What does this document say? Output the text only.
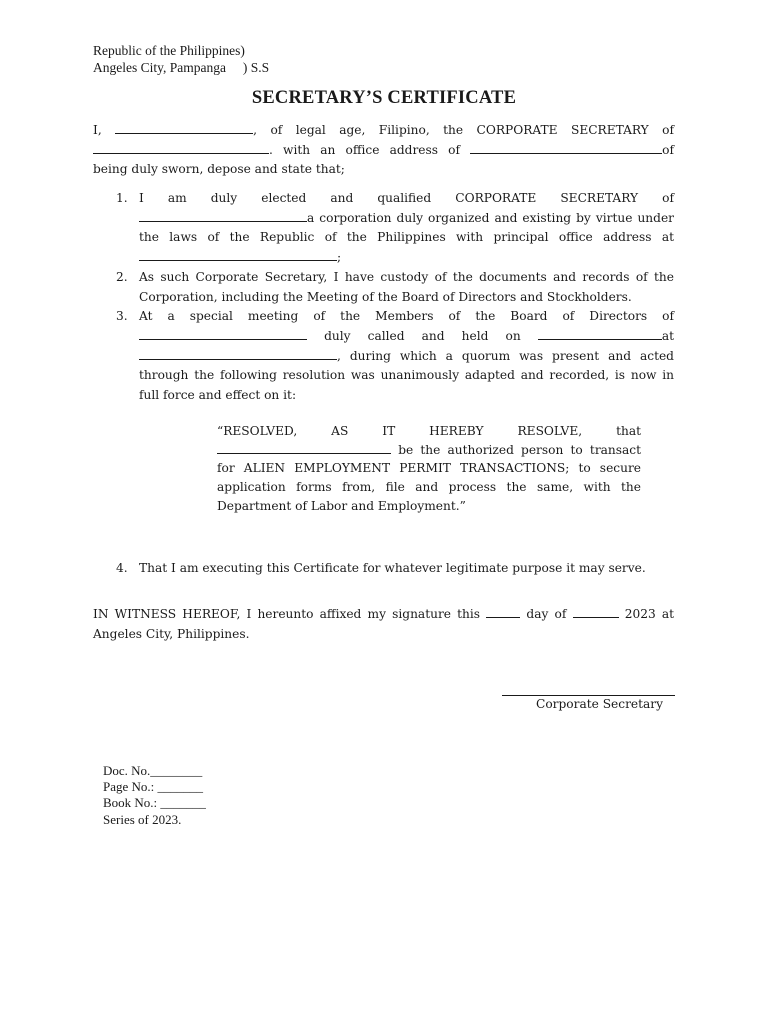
Republic of the Philippines)
Angeles City, Pampanga     ) S.S
SECRETARY’S CERTIFICATE
I,	, of legal age, Filipino, the CORPORATE SECRETARY of. with an office address of	of being duly sworn, depose and state that;
1. I am duly elected and qualified CORPORATE SECRETARY of a corporation duly organized and existing by virtue under the laws of the Republic of the Philippines with principal office address at ;
2. As such Corporate Secretary, I have custody of the documents and records of the Corporation, including the Meeting of the Board of Directors and Stockholders.
3. At a special meeting of the Members of the Board of Directors of  duly called and held on	at , during which a quorum was present and acted through the following resolution was unanimously adapted and recorded, is now in full force and effect on it:
“RESOLVED, AS IT HEREBY RESOLVE, that  be the authorized person to transact for ALIEN EMPLOYMENT PERMIT TRANSACTIONS; to secure application forms from, file and process the same, with the Department of Labor and Employment.”
4. That I am executing this Certificate for whatever legitimate purpose it may serve.
IN WITNESS HEREOF, I hereunto affixed my signature this	day of	2023 at Angeles City, Philippines.
Corporate Secretary
Doc. No.________
Page No.: _______
Book No.: _______
Series of 2023.
